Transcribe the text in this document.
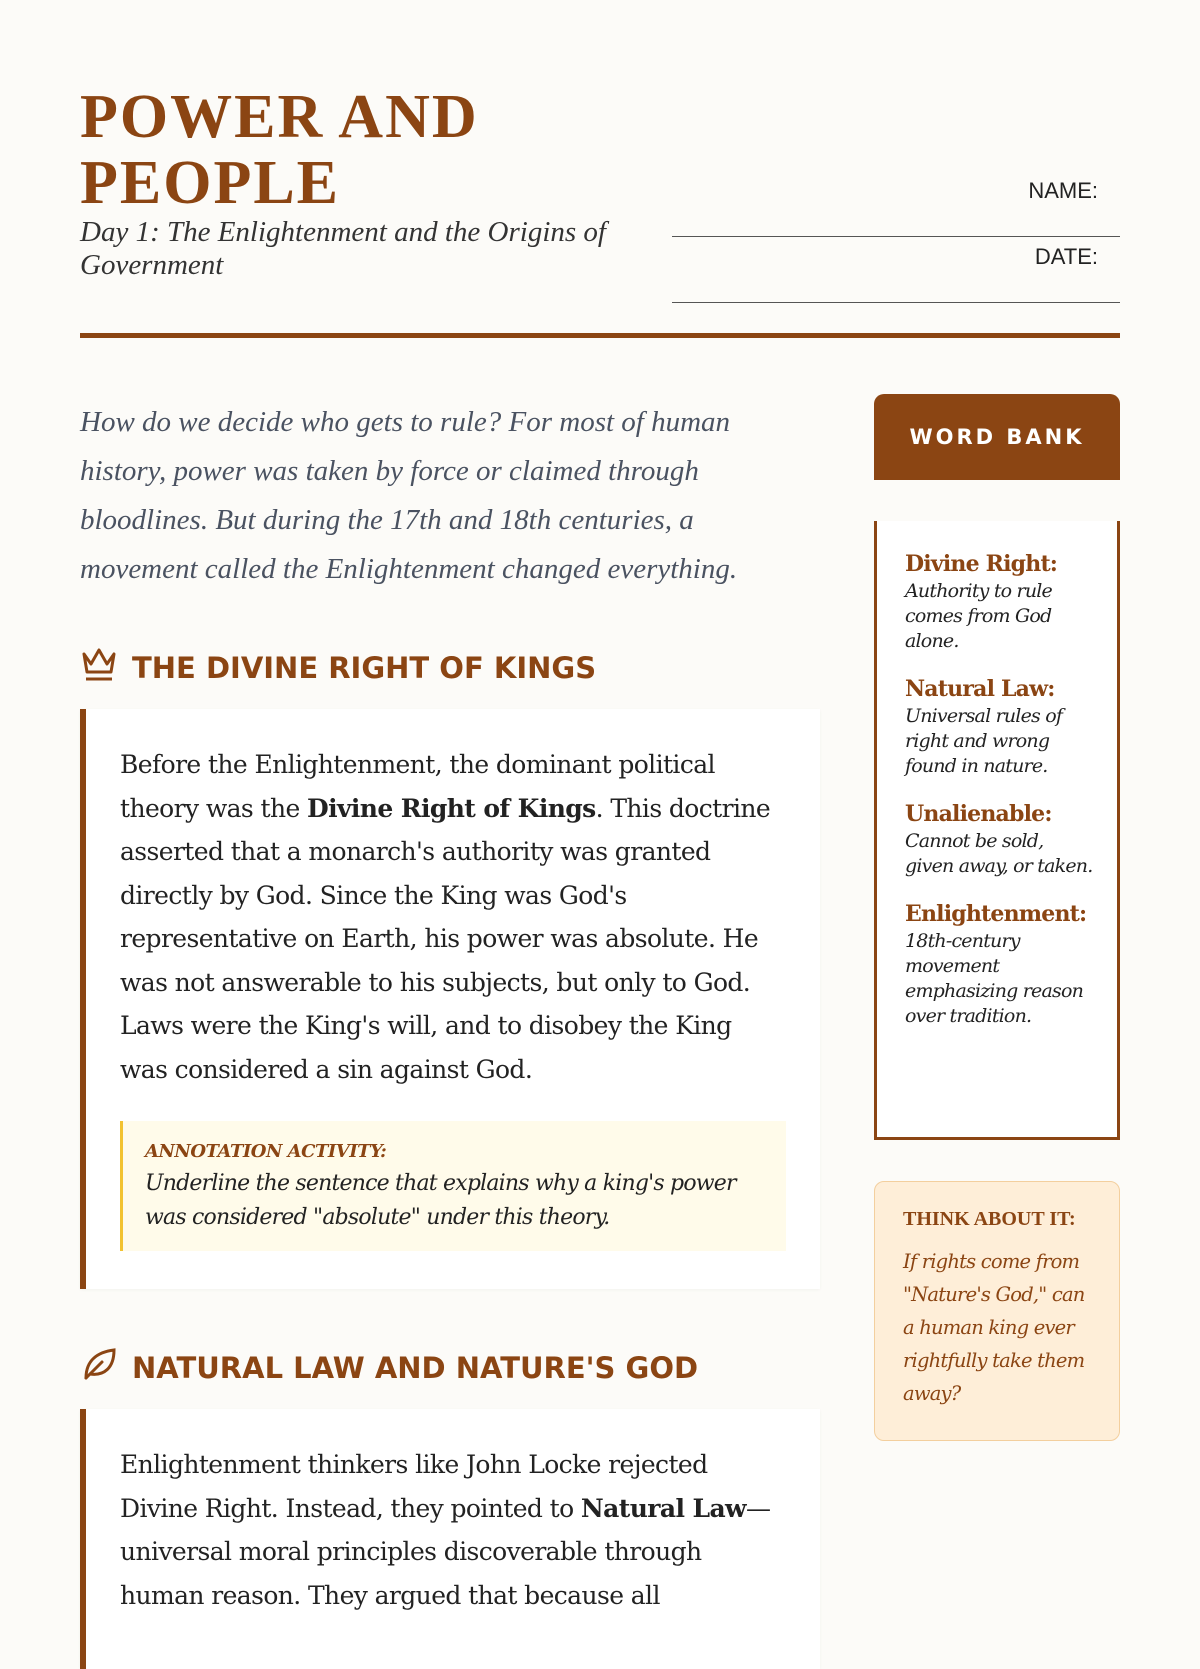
POWER AND PEOPLE
Day 1: The Enlightenment and the Origins of Government
NAME:
DATE:

How do we decide who gets to rule? For most of human history, power was taken by force or claimed through bloodlines. But during the 17th and 18th centuries, a movement called the Enlightenment changed everything.

THE DIVINE RIGHT OF KINGS

Before the Enlightenment, the dominant political theory was the Divine Right of Kings. This doctrine asserted that a monarch's authority was granted directly by God. Since the King was God's representative on Earth, his power was absolute. He was not answerable to his subjects, but only to God. Laws were the King's will, and to disobey the King was considered a sin against God.

ANNOTATION ACTIVITY:
Underline the sentence that explains why a king's power was considered "absolute" under this theory.
NATURAL LAW AND NATURE'S GOD

Enlightenment thinkers like John Locke rejected Divine Right. Instead, they pointed to Natural Law—universal moral principles discoverable through human reason. They argued that because all

WORD BANK
Divine Right:
Authority to rule comes from God alone.
Natural Law:
Universal rules of right and wrong found in nature.
Unalienable:
Cannot be sold, given away, or taken.
Enlightenment:
18th-century movement emphasizing reason over tradition.
THINK ABOUT IT:
If rights come from "Nature's God," can a human king ever rightfully take them away?
